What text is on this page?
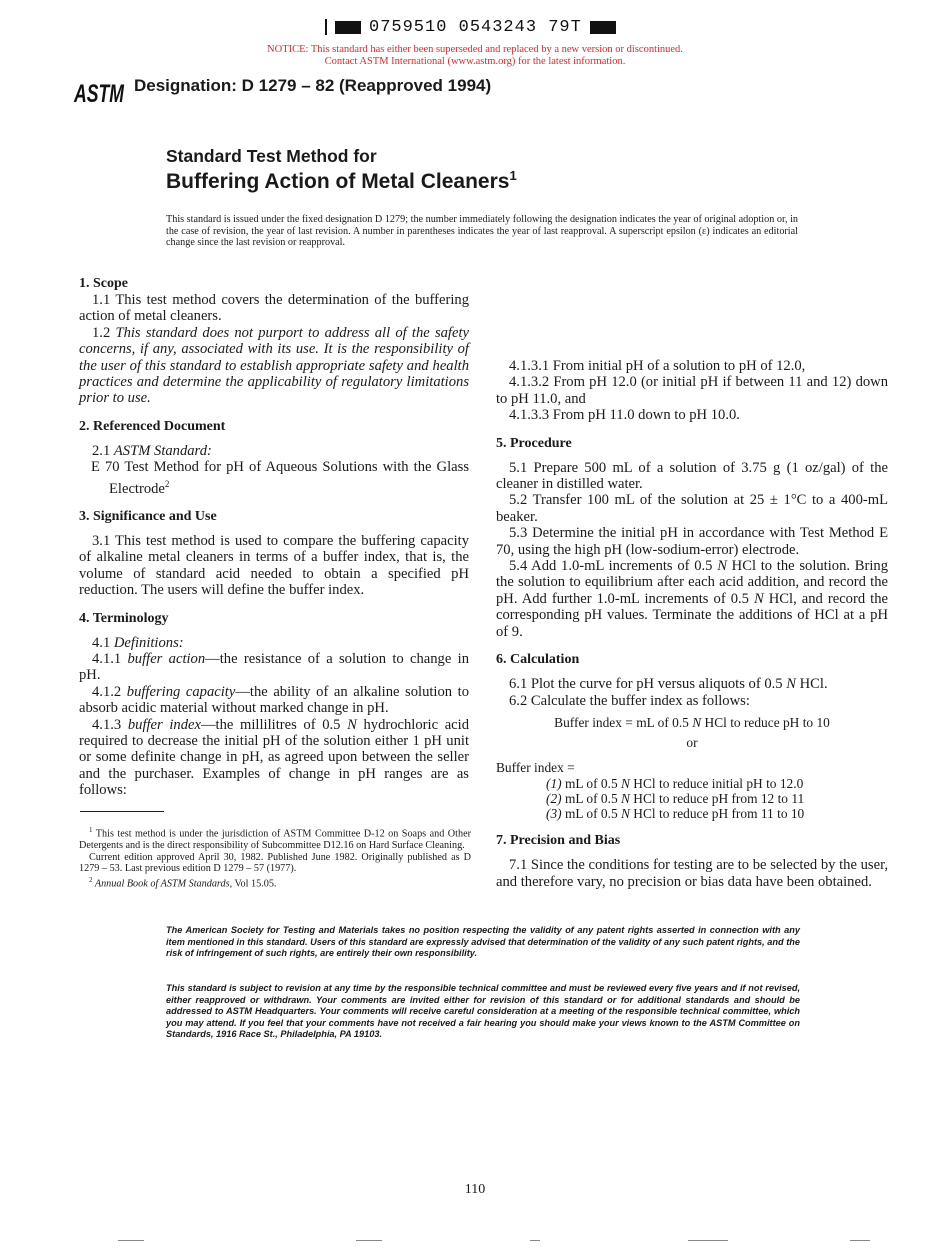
0759510 0543243 79T
NOTICE: This standard has either been superseded and replaced by a new version or discontinued.
Contact ASTM International (www.astm.org) for the latest information.
ASTM Designation: D 1279 – 82 (Reapproved 1994)
Standard Test Method for
Buffering Action of Metal Cleaners$^1$
This standard is issued under the fixed designation D 1279; the number immediately following the designation indicates the year of original adoption or, in the case of revision, the year of last revision. A number in parentheses indicates the year of last reapproval. A superscript epsilon (ε) indicates an editorial change since the last revision or reapproval.
1. Scope

1.1 This test method covers the determination of the buffering action of metal cleaners.

1.2 This standard does not purport to address all of the safety concerns, if any, associated with its use. It is the responsibility of the user of this standard to establish appropriate safety and health practices and determine the applicability of regulatory limitations prior to use.

2. Referenced Document

2.1 ASTM Standard:

E 70 Test Method for pH of Aqueous Solutions with the Glass Electrode$^2$

3. Significance and Use

3.1 This test method is used to compare the buffering capacity of alkaline metal cleaners in terms of a buffer index, that is, the volume of standard acid needed to obtain a specified pH reduction. The users will define the buffer index.

4. Terminology

4.1 Definitions:

4.1.1 buffer action—the resistance of a solution to change in pH.

4.1.2 buffering capacity—the ability of an alkaline solution to absorb acidic material without marked change in pH.

4.1.3 buffer index—the millilitres of 0.5 N hydrochloric acid required to decrease the initial pH of the solution either 1 pH unit or some definite change in pH, as agreed upon between the seller and the purchaser. Examples of change in pH ranges are as follows:

$^1$ This test method is under the jurisdiction of ASTM Committee D-12 on Soaps and Other Detergents and is the direct responsibility of Subcommittee D12.16 on Hard Surface Cleaning.

Current edition approved April 30, 1982. Published June 1982. Originally published as D 1279 – 53. Last previous edition D 1279 – 57 (1977).

$^2$ Annual Book of ASTM Standards, Vol 15.05.

4.1.3.1 From initial pH of a solution to pH of 12.0,

4.1.3.2 From pH 12.0 (or initial pH if between 11 and 12) down to pH 11.0, and

4.1.3.3 From pH 11.0 down to pH 10.0.

5. Procedure

5.1 Prepare 500 mL of a solution of 3.75 g (1 oz/gal) of the cleaner in distilled water.

5.2 Transfer 100 mL of the solution at 25 ± 1°C to a 400-mL beaker.

5.3 Determine the initial pH in accordance with Test Method E 70, using the high pH (low-sodium-error) electrode.

5.4 Add 1.0-mL increments of 0.5 N HCl to the solution. Bring the solution to equilibrium after each acid addition, and record the pH. Add further 1.0-mL increments of 0.5 N HCl, and record the corresponding pH values. Terminate the additions of HCl at a pH of 9.

6. Calculation

6.1 Plot the curve for pH versus aliquots of 0.5 N HCl.

6.2 Calculate the buffer index as follows:

Buffer index = mL of 0.5 N HCl to reduce pH to 10
or
Buffer index =
(1) mL of 0.5 N HCl to reduce initial pH to 12.0
(2) mL of 0.5 N HCl to reduce pH from 12 to 11
(3) mL of 0.5 N HCl to reduce pH from 11 to 10
7. Precision and Bias

7.1 Since the conditions for testing are to be selected by the user, and therefore vary, no precision or bias data have been obtained.

The American Society for Testing and Materials takes no position respecting the validity of any patent rights asserted in connection with any item mentioned in this standard. Users of this standard are expressly advised that determination of the validity of any such patent rights, and the risk of infringement of such rights, are entirely their own responsibility.
This standard is subject to revision at any time by the responsible technical committee and must be reviewed every five years and if not revised, either reapproved or withdrawn. Your comments are invited either for revision of this standard or for additional standards and should be addressed to ASTM Headquarters. Your comments will receive careful consideration at a meeting of the responsible technical committee, which you may attend. If you feel that your comments have not received a fair hearing you should make your views known to the ASTM Committee on Standards, 1916 Race St., Philadelphia, PA 19103.
110
